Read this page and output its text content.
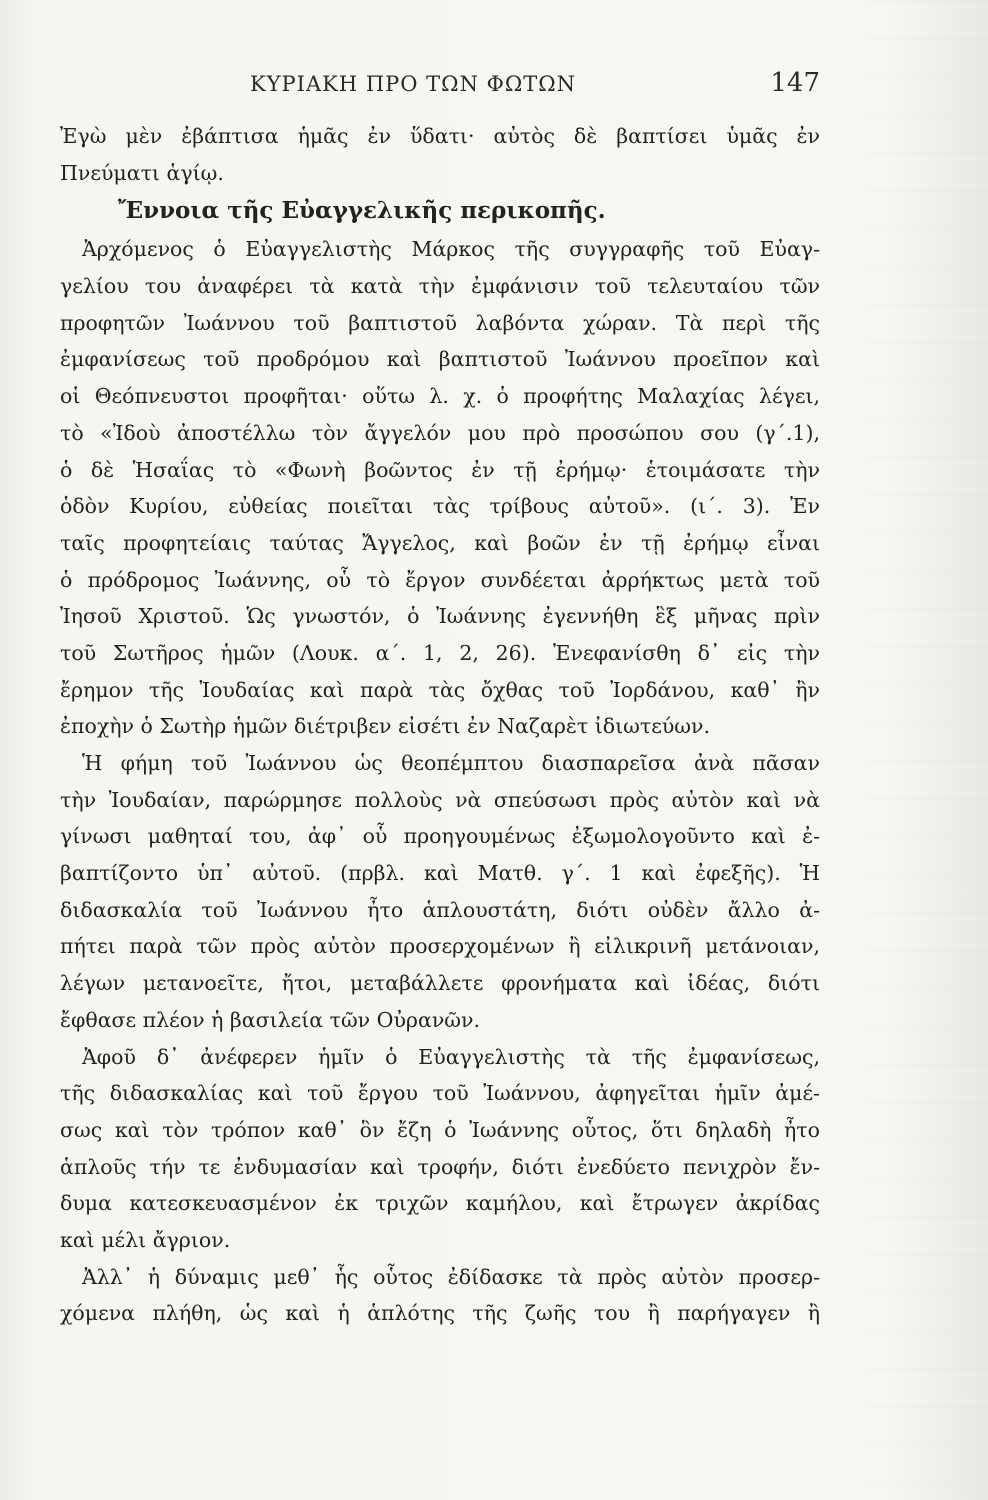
ΚΥΡΙΑΚΗ ΠΡΟ ΤΩΝ ΦΩΤΩΝ	147
Ἐγὼ μὲν ἐβάπτισα ἡμᾶς ἐν ὕδατι· αὐτὸς δὲ βαπτίσει ὑμᾶς ἐν
Πνεύματι ἁγίῳ.
Ἔννοια τῆς Εὐαγγελικῆς περικοπῆς.
Ἀρχόμενος ὁ Εὐαγγελιστὴς Μάρκος τῆς συγγραφῆς τοῦ Εὐαγ-
γελίου του ἀναφέρει τὰ κατὰ τὴν ἐμφάνισιν τοῦ τελευταίου τῶν
προφητῶν Ἰωάννου τοῦ βαπτιστοῦ λαβόντα χώραν. Τὰ περὶ τῆς
ἐμφανίσεως τοῦ προδρόμου καὶ βαπτιστοῦ Ἰωάννου προεῖπον καὶ
οἱ Θεόπνευστοι προφῆται· οὕτω λ. χ. ὁ προφήτης Μαλαχίας λέγει,
τὸ «Ἰδοὺ ἀποστέλλω τὸν ἄγγελόν μου πρὸ προσώπου σου (γ΄.1),
ὁ δὲ Ἡσαΐας τὸ «Φωνὴ βοῶντος ἐν τῇ ἐρήμῳ· ἑτοιμάσατε τὴν
ὁδὸν Κυρίου, εὐθείας ποιεῖται τὰς τρίβους αὐτοῦ». (ι΄. 3). Ἐν
ταῖς προφητείαις ταύτας Ἄγγελος, καὶ βοῶν ἐν τῇ ἐρήμῳ εἶναι
ὁ πρόδρομος Ἰωάννης, οὗ τὸ ἔργον συνδέεται ἀρρήκτως μετὰ τοῦ
Ἰησοῦ Χριστοῦ. Ὡς γνωστόν, ὁ Ἰωάννης ἐγεννήθη ἓξ μῆνας πρὶν
τοῦ Σωτῆρος ἡμῶν (Λουκ. α΄. 1, 2, 26). Ἐνεφανίσθη δ᾿ εἰς τὴν
ἔρημον τῆς Ἰουδαίας καὶ παρὰ τὰς ὄχθας τοῦ Ἰορδάνου, καθ᾿ ἣν
ἐποχὴν ὁ Σωτὴρ ἡμῶν διέτριβεν εἰσέτι ἐν Ναζαρὲτ ἰδιωτεύων.
Ἡ φήμη τοῦ Ἰωάννου ὡς θεοπέμπτου διασπαρεῖσα ἀνὰ πᾶσαν
τὴν Ἰουδαίαν, παρώρμησε πολλοὺς νὰ σπεύσωσι πρὸς αὐτὸν καὶ νὰ
γίνωσι μαθηταί του, ἀφ᾿ οὗ προηγουμένως ἐξωμολογοῦντο καὶ ἐ-
βαπτίζοντο ὑπ᾿ αὐτοῦ. (πρβλ. καὶ Ματθ. γ΄. 1 καὶ ἐφεξῆς). Ἡ
διδασκαλία τοῦ Ἰωάννου ἦτο ἁπλουστάτη, διότι οὐδὲν ἄλλο ἀ-
πήτει παρὰ τῶν πρὸς αὐτὸν προσερχομένων ἢ εἰλικρινῆ μετάνοιαν,
λέγων μετανοεῖτε, ἤτοι, μεταβάλλετε φρονήματα καὶ ἰδέας, διότι
ἔφθασε πλέον ἡ βασιλεία τῶν Οὐρανῶν.
Ἀφοῦ δ᾿ ἀνέφερεν ἡμῖν ὁ Εὐαγγελιστὴς τὰ τῆς ἐμφανίσεως,
τῆς διδασκαλίας καὶ τοῦ ἔργου τοῦ Ἰωάννου, ἀφηγεῖται ἡμῖν ἀμέ-
σως καὶ τὸν τρόπον καθ᾿ ὃν ἔζη ὁ Ἰωάννης οὗτος, ὅτι δηλαδὴ ἦτο
ἁπλοῦς τήν τε ἐνδυμασίαν καὶ τροφήν, διότι ἐνεδύετο πενιχρὸν ἔν-
δυμα κατεσκευασμένον ἐκ τριχῶν καμήλου, καὶ ἔτρωγεν ἀκρίδας
καὶ μέλι ἄγριον.
Ἀλλ᾿ ἡ δύναμις μεθ᾿ ἧς οὗτος ἐδίδασκε τὰ πρὸς αὐτὸν προσερ-
χόμενα πλήθη, ὡς καὶ ἡ ἁπλότης τῆς ζωῆς του ἢ παρήγαγεν ἢ
